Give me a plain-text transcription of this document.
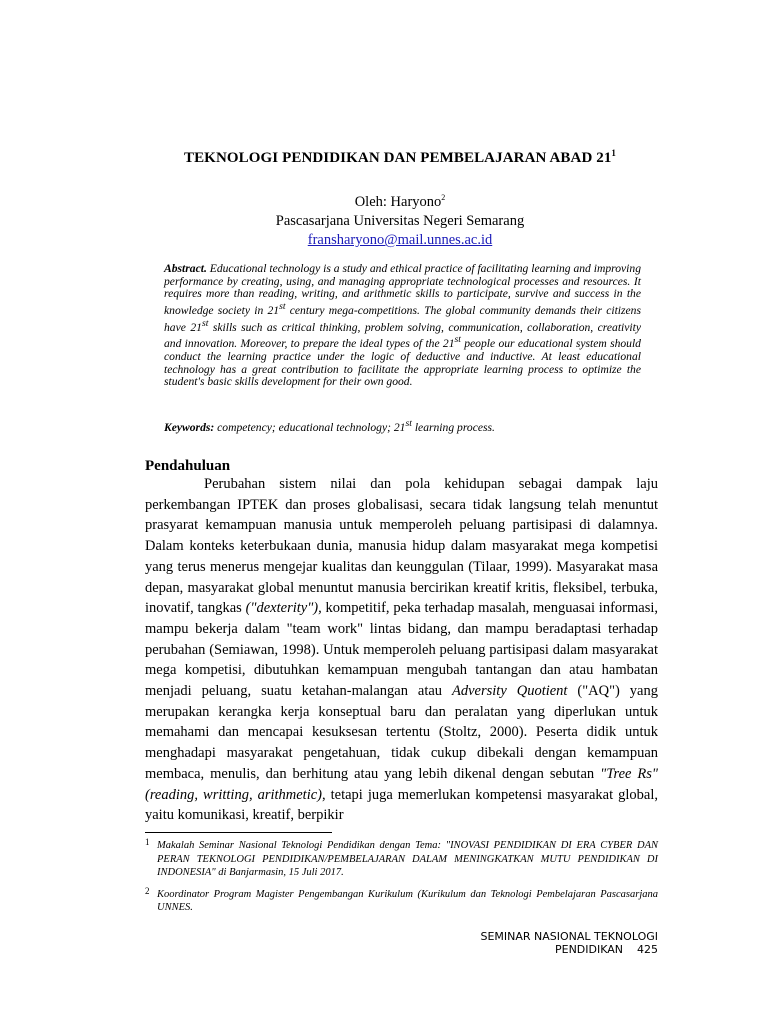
TEKNOLOGI PENDIDIKAN DAN PEMBELAJARAN ABAD $21^1$
Oleh: Haryono$^2$
Pascasarjana Universitas Negeri Semarang
fransharyono@mail.unnes.ac.id

Abstract. Educational technology is a study and ethical practice of facilitating learning and improving performance by creating, using, and managing appropriate technological processes and resources. It requires more than reading, writing, and arithmetic skills to participate, survive and success in the knowledge society in 21st century mega-competitions. The global community demands their citizens have 21st skills such as critical thinking, problem solving, communication, collaboration, creativity and innovation. Moreover, to prepare the ideal types of the 21st people our educational system should conduct the learning practice under the logic of deductive and inductive. At least educational technology has a great contribution to facilitate the appropriate learning process to optimize the student's basic skills development for their own good.

Keywords: competency; educational technology; 21st learning process.
Pendahuluan

Perubahan sistem nilai dan pola kehidupan sebagai dampak laju perkembangan IPTEK dan proses globalisasi, secara tidak langsung telah menuntut prasyarat kemampuan manusia untuk memperoleh peluang partisipasi di dalamnya. Dalam konteks keterbukaan dunia, manusia hidup dalam masyarakat mega kompetisi yang terus menerus mengejar kualitas dan keunggulan (Tilaar, 1999). Masyarakat masa depan, masyarakat global menuntut manusia bercirikan kreatif kritis, fleksibel, terbuka, inovatif, tangkas ("dexterity"), kompetitif, peka terhadap masalah, menguasai informasi, mampu bekerja dalam "team work" lintas bidang, dan mampu beradaptasi terhadap perubahan (Semiawan, 1998). Untuk memperoleh peluang partisipasi dalam masyarakat mega kompetisi, dibutuhkan kemampuan mengubah tantangan dan atau hambatan menjadi peluang, suatu ketahan-malangan atau Adversity Quotient ("AQ") yang merupakan kerangka kerja konseptual baru dan peralatan yang diperlukan untuk memahami dan mencapai kesuksesan tertentu (Stoltz, 2000). Peserta didik untuk menghadapi masyarakat pengetahuan, tidak cukup dibekali dengan kemampuan membaca, menulis, dan berhitung atau yang lebih dikenal dengan sebutan "Tree Rs" (reading, writting, arithmetic), tetapi juga memerlukan kompetensi masyarakat global, yaitu komunikasi, kreatif, berpikir

1 Makalah Seminar Nasional Teknologi Pendidikan dengan Tema: "INOVASI PENDIDIKAN DI ERA CYBER DAN PERAN TEKNOLOGI PENDIDIKAN/PEMBELAJARAN DALAM MENINGKATKAN MUTU PENDIDIKAN DI INDONESIA" di Banjarmasin, 15 Juli 2017.
2 Koordinator Program Magister Pengembangan Kurikulum (Kurikulum dan Teknologi Pembelajaran Pascasarjana UNNES.
SEMINAR NASIONAL TEKNOLOGI PENDIDIKAN 425
